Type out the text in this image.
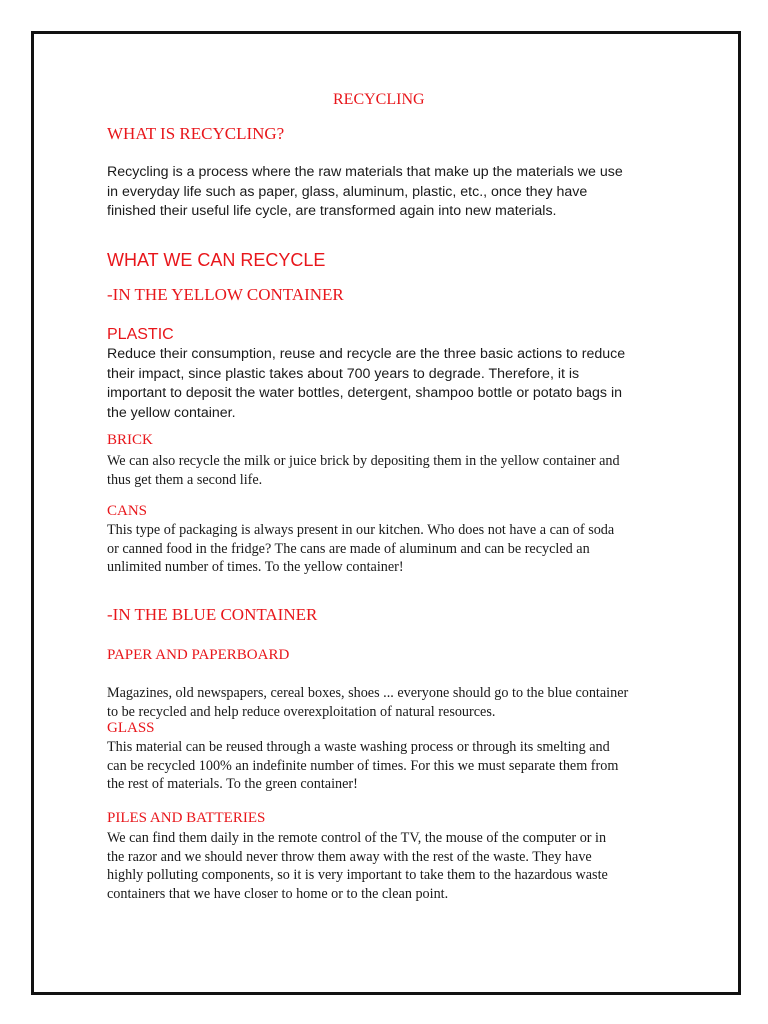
RECYCLING
WHAT IS RECYCLING?
Recycling is a process where the raw materials that make up the materials we use
in everyday life such as paper, glass, aluminum, plastic, etc., once they have
finished their useful life cycle, are transformed again into new materials.
WHAT WE CAN RECYCLE
-IN THE YELLOW CONTAINER
PLASTIC
Reduce their consumption, reuse and recycle are the three basic actions to reduce
their impact, since plastic takes about 700 years to degrade. Therefore, it is
important to deposit the water bottles, detergent, shampoo bottle or potato bags in
the yellow container.
BRICK
We can also recycle the milk or juice brick by depositing them in the yellow container and
thus get them a second life.
CANS
This type of packaging is always present in our kitchen. Who does not have a can of soda
or canned food in the fridge? The cans are made of aluminum and can be recycled an
unlimited number of times. To the yellow container!
-IN THE BLUE CONTAINER
PAPER AND PAPERBOARD
Magazines, old newspapers, cereal boxes, shoes ... everyone should go to the blue container
to be recycled and help reduce overexploitation of natural resources.
GLASS
This material can be reused through a waste washing process or through its smelting and
can be recycled 100% an indefinite number of times. For this we must separate them from
the rest of materials. To the green container!
PILES AND BATTERIES
We can find them daily in the remote control of the TV, the mouse of the computer or in
the razor and we should never throw them away with the rest of the waste. They have
highly polluting components, so it is very important to take them to the hazardous waste
containers that we have closer to home or to the clean point.
